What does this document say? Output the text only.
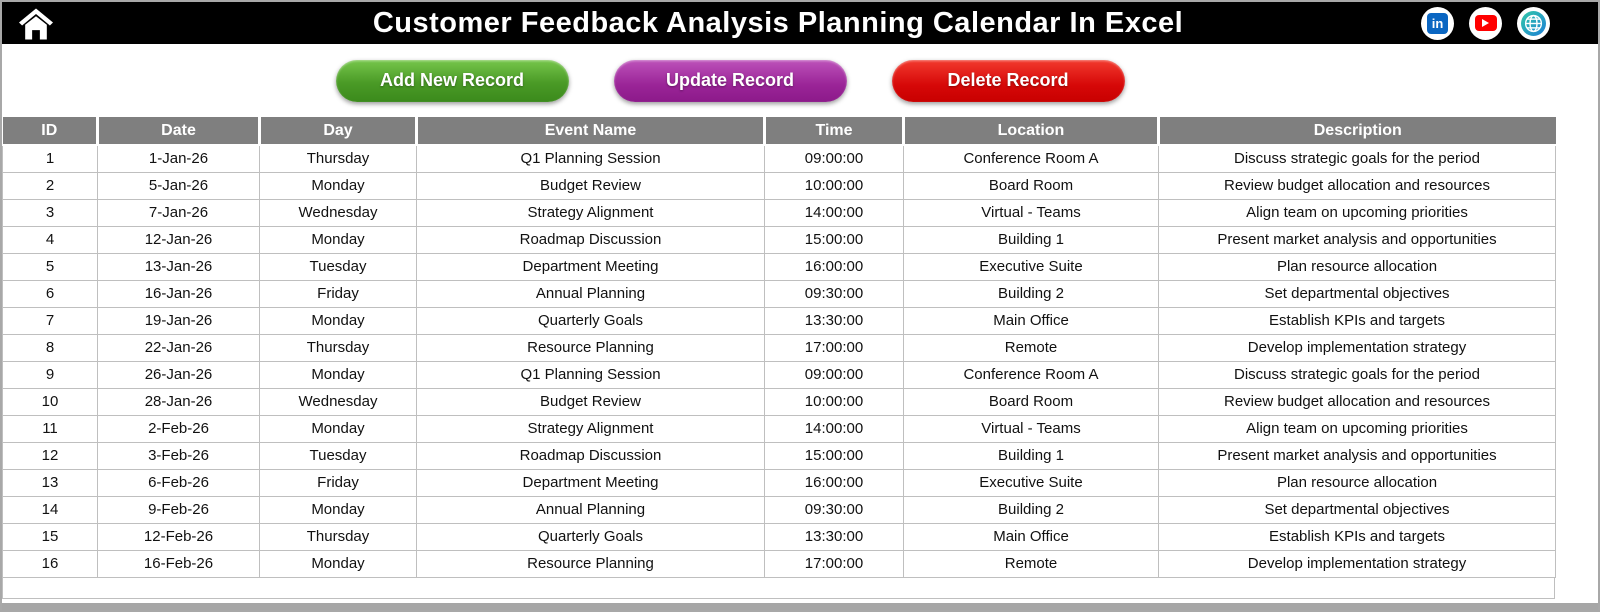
Customer Feedback Analysis Planning Calendar In Excel	in
Add New Record	Update Record	Delete Record
ID	Date	Day	Event Name	Time	Location	Description
1	1-Jan-26	Thursday	Q1 Planning Session	09:00:00	Conference Room A	Discuss strategic goals for the period
2	5-Jan-26	Monday	Budget Review	10:00:00	Board Room	Review budget allocation and resources
3	7-Jan-26	Wednesday	Strategy Alignment	14:00:00	Virtual - Teams	Align team on upcoming priorities
4	12-Jan-26	Monday	Roadmap Discussion	15:00:00	Building 1	Present market analysis and opportunities
5	13-Jan-26	Tuesday	Department Meeting	16:00:00	Executive Suite	Plan resource allocation
6	16-Jan-26	Friday	Annual Planning	09:30:00	Building 2	Set departmental objectives
7	19-Jan-26	Monday	Quarterly Goals	13:30:00	Main Office	Establish KPIs and targets
8	22-Jan-26	Thursday	Resource Planning	17:00:00	Remote	Develop implementation strategy
9	26-Jan-26	Monday	Q1 Planning Session	09:00:00	Conference Room A	Discuss strategic goals for the period
10	28-Jan-26	Wednesday	Budget Review	10:00:00	Board Room	Review budget allocation and resources
11	2-Feb-26	Monday	Strategy Alignment	14:00:00	Virtual - Teams	Align team on upcoming priorities
12	3-Feb-26	Tuesday	Roadmap Discussion	15:00:00	Building 1	Present market analysis and opportunities
13	6-Feb-26	Friday	Department Meeting	16:00:00	Executive Suite	Plan resource allocation
14	9-Feb-26	Monday	Annual Planning	09:30:00	Building 2	Set departmental objectives
15	12-Feb-26	Thursday	Quarterly Goals	13:30:00	Main Office	Establish KPIs and targets
16	16-Feb-26	Monday	Resource Planning	17:00:00	Remote	Develop implementation strategy
